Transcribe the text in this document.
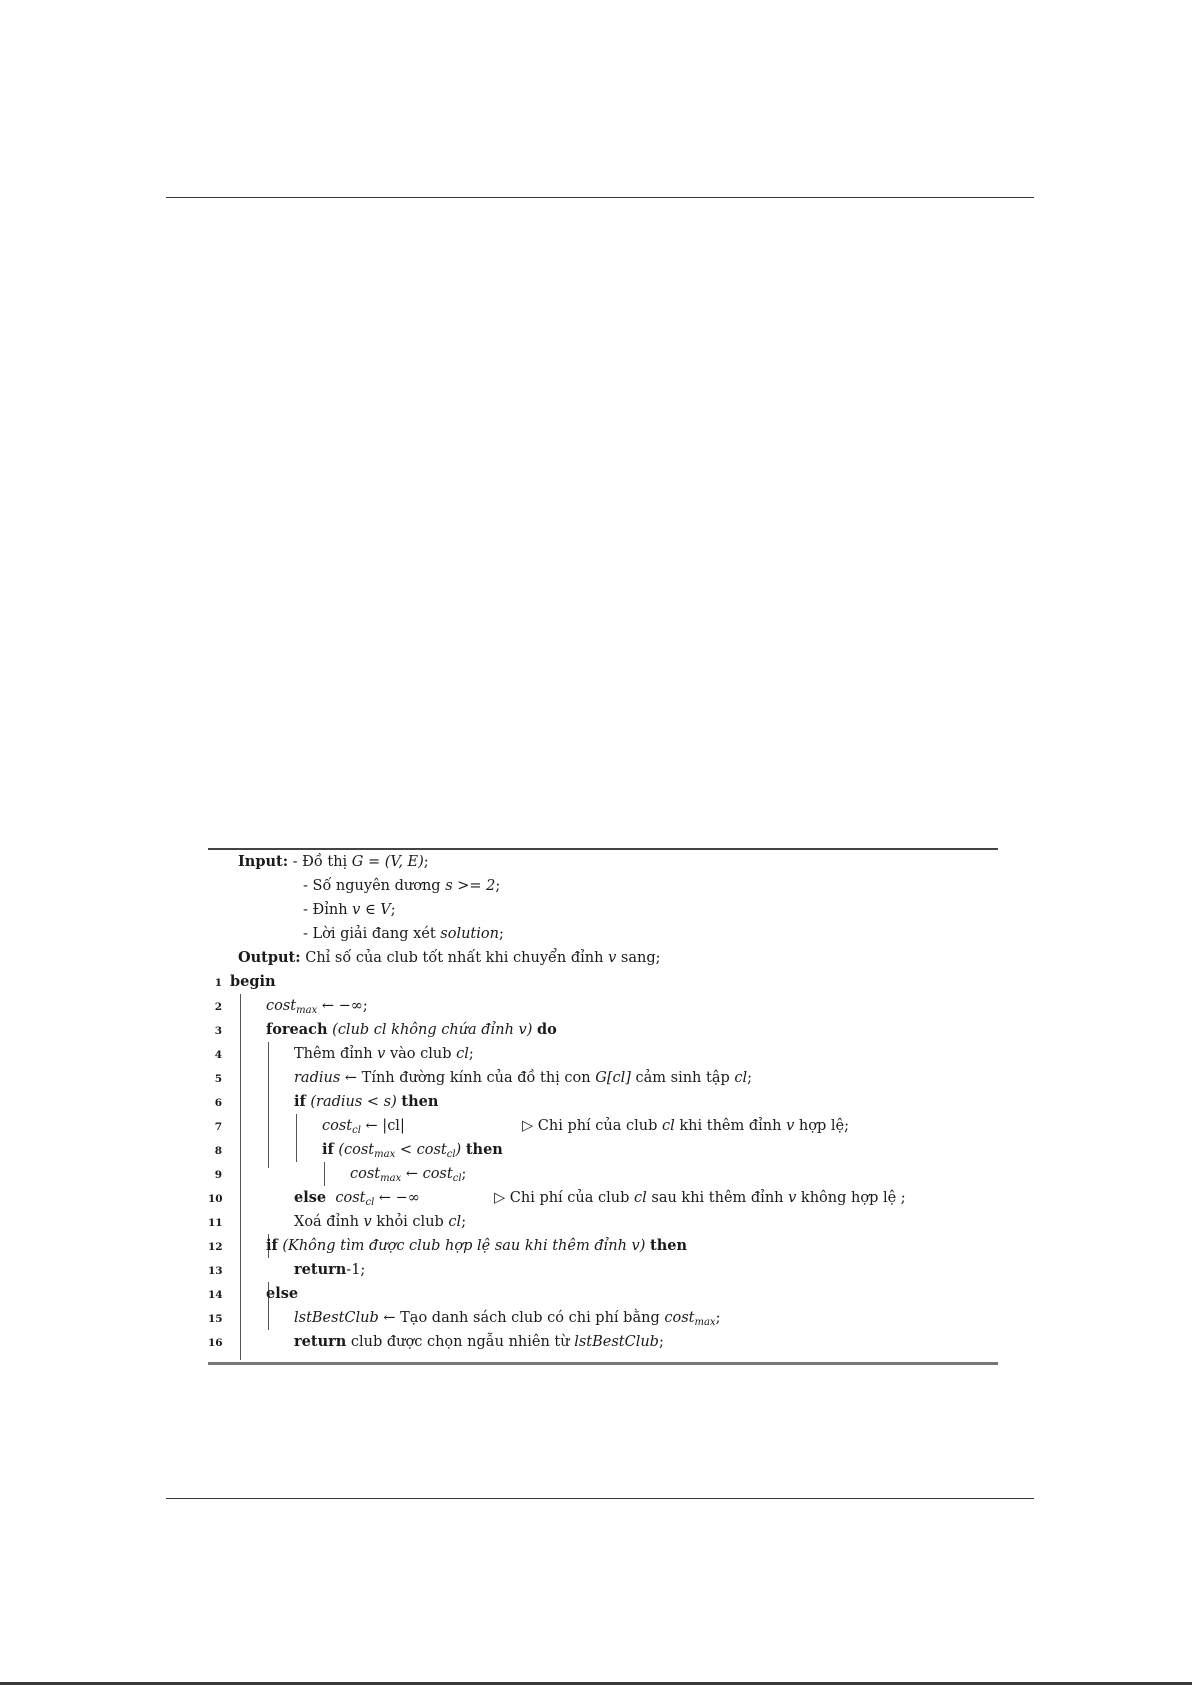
Input: - Đồ thị G = (V, E);
- Số nguyên dương s >= 2;
- Đỉnh v ∈ V;
- Lời giải đang xét solution;
Output: Chỉ số của club tốt nhất khi chuyển đỉnh v sang;
1 begin
2	cost$_{max}$ ← −∞;
3	foreach (club cl không chứa đỉnh v) do
4	Thêm đỉnh v vào club cl;
5	radius ← Tính đường kính của đồ thị con G[cl] cảm sinh tập cl;
6	if (radius < s) then
7	cost$_{cl}$ ← |cl|	▷ Chi phí của club cl khi thêm đỉnh v hợp lệ;
8	if (cost$_{max}$ < cost$_{cl}$) then
9	cost$_{max}$ ← cost$_{cl}$;
10	else cost$_{cl}$ ← −∞	▷ Chi phí của club cl sau khi thêm đỉnh v không hợp lệ ;
11	Xoá đỉnh v khỏi club cl;
12	if (Không tìm được club hợp lệ sau khi thêm đỉnh v) then
13	return-1;
14	else
15	lstBestClub ← Tạo danh sách club có chi phí bằng cost$_{max}$;
16	return club được chọn ngẫu nhiên từ lstBestClub;
